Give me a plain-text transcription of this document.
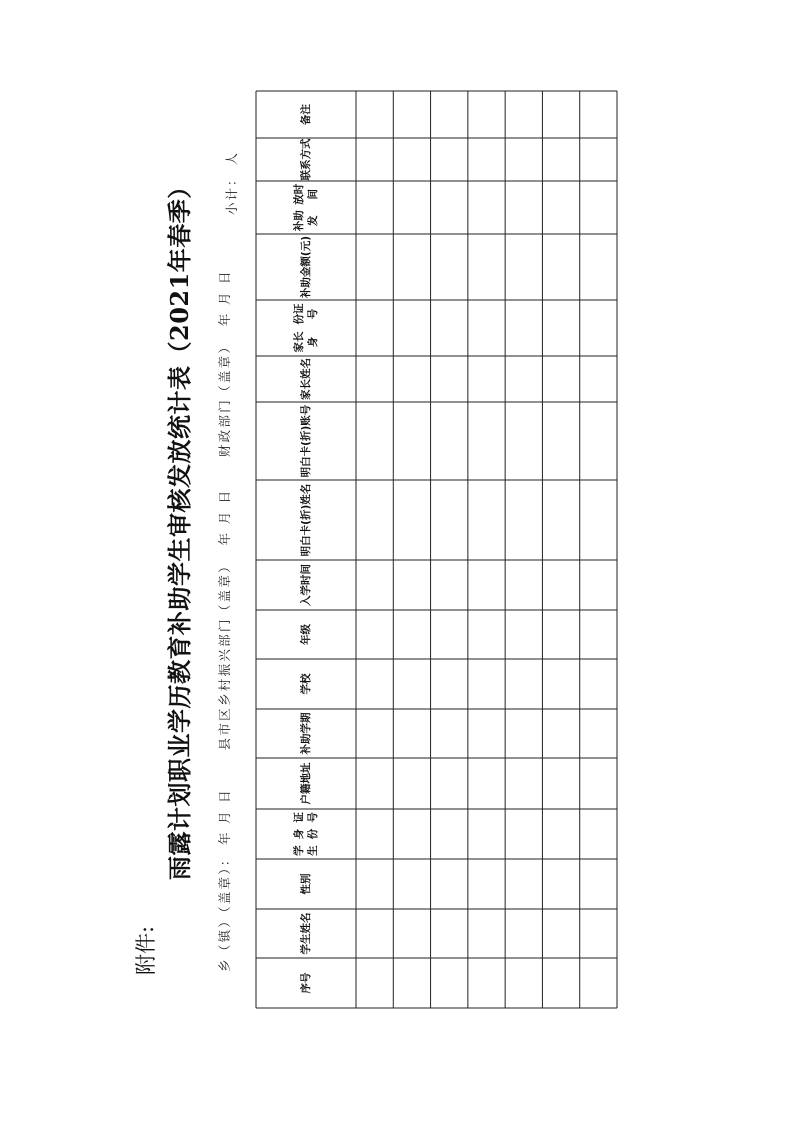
附件:
雨露计划职业学历教育补助学生审核发放统计表（2021年春季）
乡（镇）（盖章）： 年 月 日      县市区乡村振兴部门（盖章）  年 月 日     财政部门（盖章）  年 月 日
小计： 人
序号
学生

姓名
性别
学生

身份

证号
户籍

地址
补助

学期
学校
年级
入学

时间
明白卡

(折)姓名
明白卡(折)

账号
家长

姓名
家长身

份证号
补助金

额(元)
补助发

放时间
联系

方式
备注
